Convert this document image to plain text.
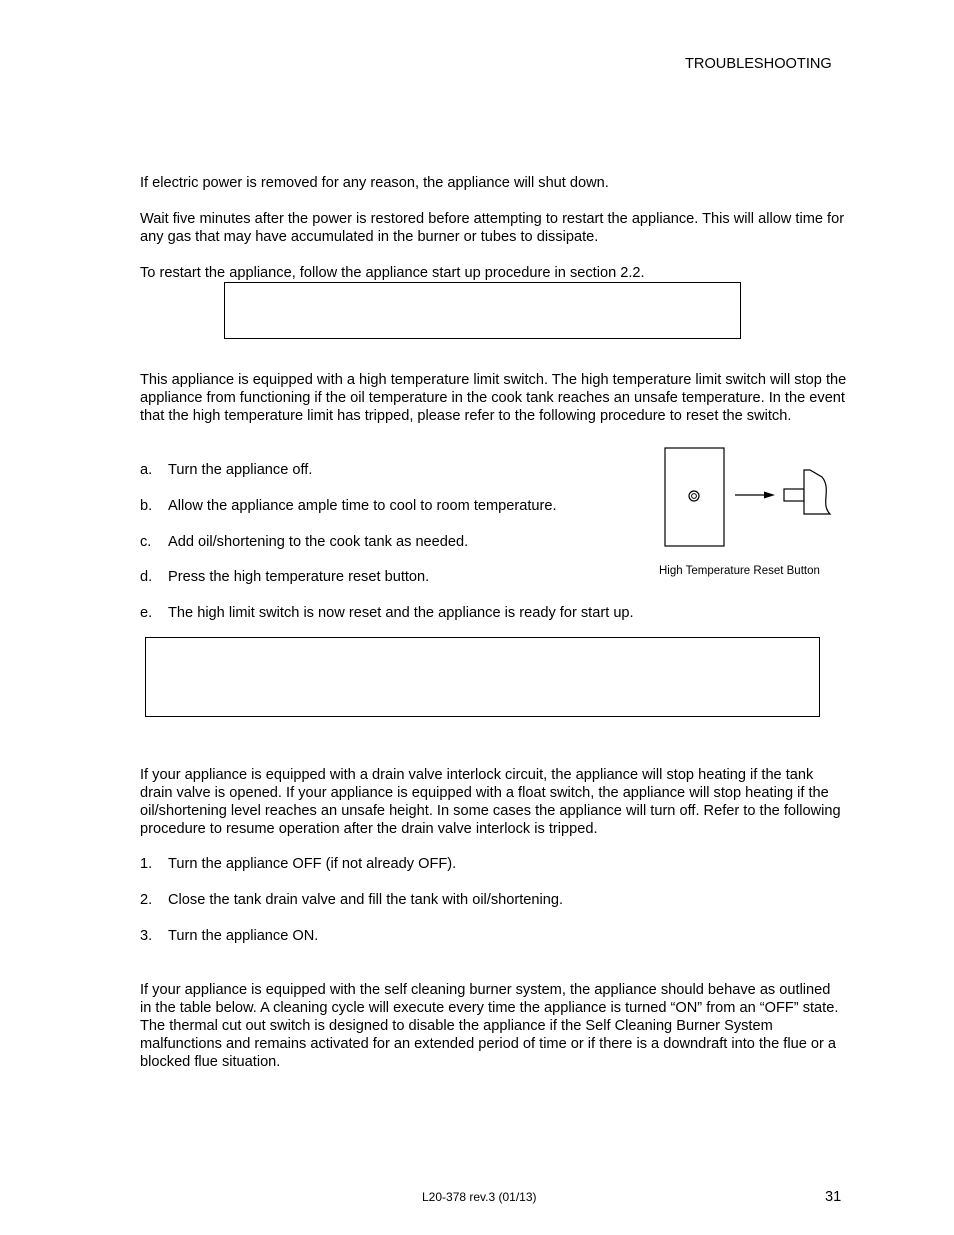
TROUBLESHOOTING

If electric power is removed for any reason, the appliance will shut down.

Wait five minutes after the power is restored before attempting to restart the appliance. This will allow time for any gas that may have accumulated in the burner or tubes to dissipate.

To restart the appliance, follow the appliance start up procedure in section 2.2.

This appliance is equipped with a high temperature limit switch. The high temperature limit switch will stop the appliance from functioning if the oil temperature in the cook tank reaches an unsafe temperature. In the event that the high temperature limit has tripped, please refer to the following procedure to reset the switch.

a. Turn the appliance off.
b. Allow the appliance ample time to cool to room temperature.
c. Add oil/shortening to the cook tank as needed.
d. Press the high temperature reset button.
e. The high limit switch is now reset and the appliance is ready for start up.
High Temperature Reset Button

If your appliance is equipped with a drain valve interlock circuit, the appliance will stop heating if the tank drain valve is opened. If your appliance is equipped with a float switch, the appliance will stop heating if the oil/shortening level reaches an unsafe height. In some cases the appliance will turn off. Refer to the following procedure to resume operation after the drain valve interlock is tripped.

1. Turn the appliance OFF (if not already OFF).
2. Close the tank drain valve and fill the tank with oil/shortening.
3. Turn the appliance ON.

If your appliance is equipped with the self cleaning burner system, the appliance should behave as outlined in the table below. A cleaning cycle will execute every time the appliance is turned “ON” from an “OFF” state. The thermal cut out switch is designed to disable the appliance if the Self Cleaning Burner System malfunctions and remains activated for an extended period of time or if there is a downdraft into the flue or a blocked flue situation.

L20-378 rev.3 (01/13)	31
